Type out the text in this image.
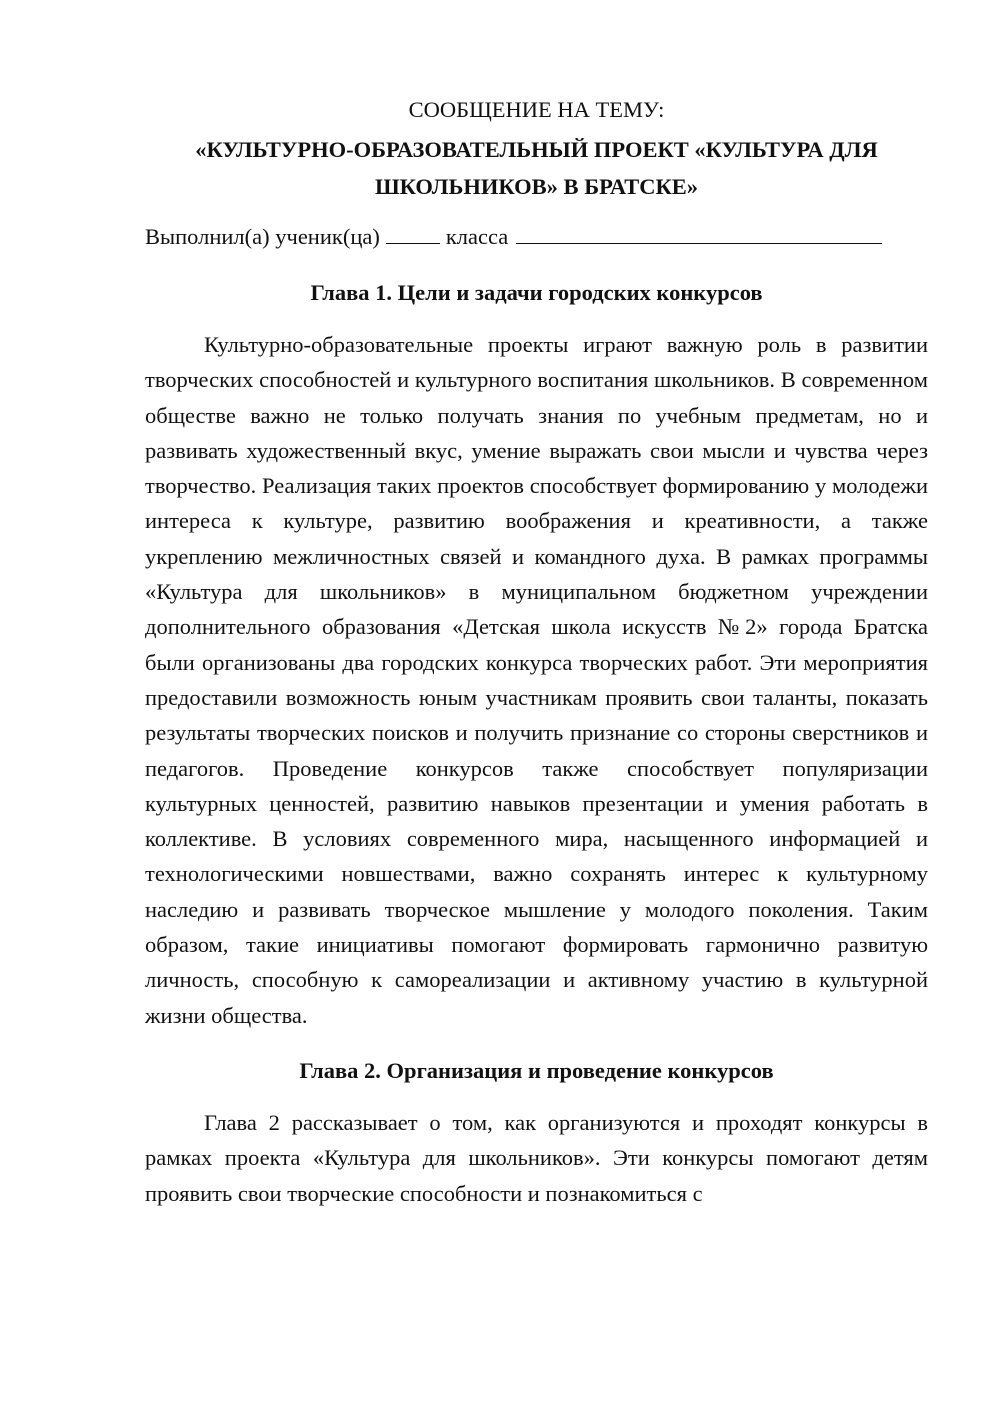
СООБЩЕНИЕ НА ТЕМУ:

«КУЛЬТУРНО-ОБРАЗОВАТЕЛЬНЫЙ ПРОЕКТ «КУЛЬТУРА ДЛЯ ШКОЛЬНИКОВ» В БРАТСКЕ»

Выполнил(а) ученик(ца)	класса

Глава 1. Цели и задачи городских конкурсов

Культурно-образовательные проекты играют важную роль в развитии творческих способностей и культурного воспитания школьников. В современном обществе важно не только получать знания по учебным предметам, но и развивать художественный вкус, умение выражать свои мысли и чувства через творчество. Реализация таких проектов способствует формированию у молодежи интереса к культуре, развитию воображения и креативности, а также укреплению межличностных связей и командного духа. В рамках программы «Культура для школьников» в муниципальном бюджетном учреждении дополнительного образования «Детская школа искусств №2» города Братска были организованы два городских конкурса творческих работ. Эти мероприятия предоставили возможность юным участникам проявить свои таланты, показать результаты творческих поисков и получить признание со стороны сверстников и педагогов. Проведение конкурсов также способствует популяризации культурных ценностей, развитию навыков презентации и умения работать в коллективе. В условиях современного мира, насыщенного информацией и технологическими новшествами, важно сохранять интерес к культурному наследию и развивать творческое мышление у молодого поколения. Таким образом, такие инициативы помогают формировать гармонично развитую личность, способную к самореализации и активному участию в культурной жизни общества.

Глава 2. Организация и проведение конкурсов

Глава 2 рассказывает о том, как организуются и проходят конкурсы в рамках проекта «Культура для школьников». Эти конкурсы помогают детям проявить свои творческие способности и познакомиться с
